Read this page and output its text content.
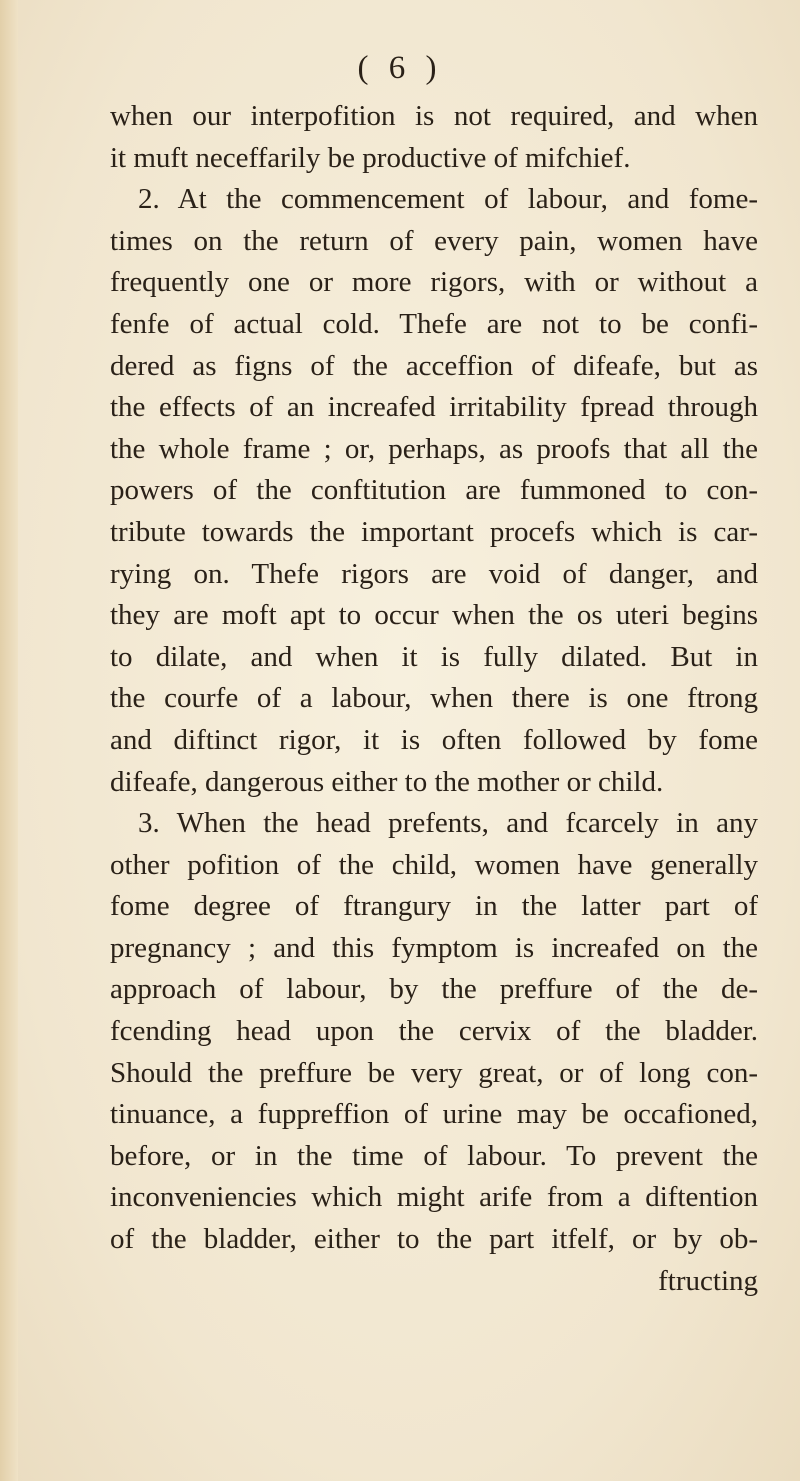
( 6 )
when our interpofition is not required, and when
it muft neceffarily be productive of mifchief.
2. At the commencement of labour, and fome-
times on the return of every pain, women have
frequently one or more rigors, with or without a
fenfe of actual cold. Thefe are not to be confi-
dered as figns of the acceffion of difeafe, but as
the effects of an increafed irritability fpread through
the whole frame ; or, perhaps, as proofs that all the
powers of the conftitution are fummoned to con-
tribute towards the important procefs which is car-
rying on. Thefe rigors are void of danger, and
they are moft apt to occur when the os uteri begins
to dilate, and when it is fully dilated. But in
the courfe of a labour, when there is one ftrong
and diftinct rigor, it is often followed by fome
difeafe, dangerous either to the mother or child.
3. When the head prefents, and fcarcely in any
other pofition of the child, women have generally
fome degree of ftrangury in the latter part of
pregnancy ; and this fymptom is increafed on the
approach of labour, by the preffure of the de-
fcending head upon the cervix of the bladder.
Should the preffure be very great, or of long con-
tinuance, a fuppreffion of urine may be occafioned,
before, or in the time of labour. To prevent the
inconveniencies which might arife from a diftention
of the bladder, either to the part itfelf, or by ob-
ftructing
